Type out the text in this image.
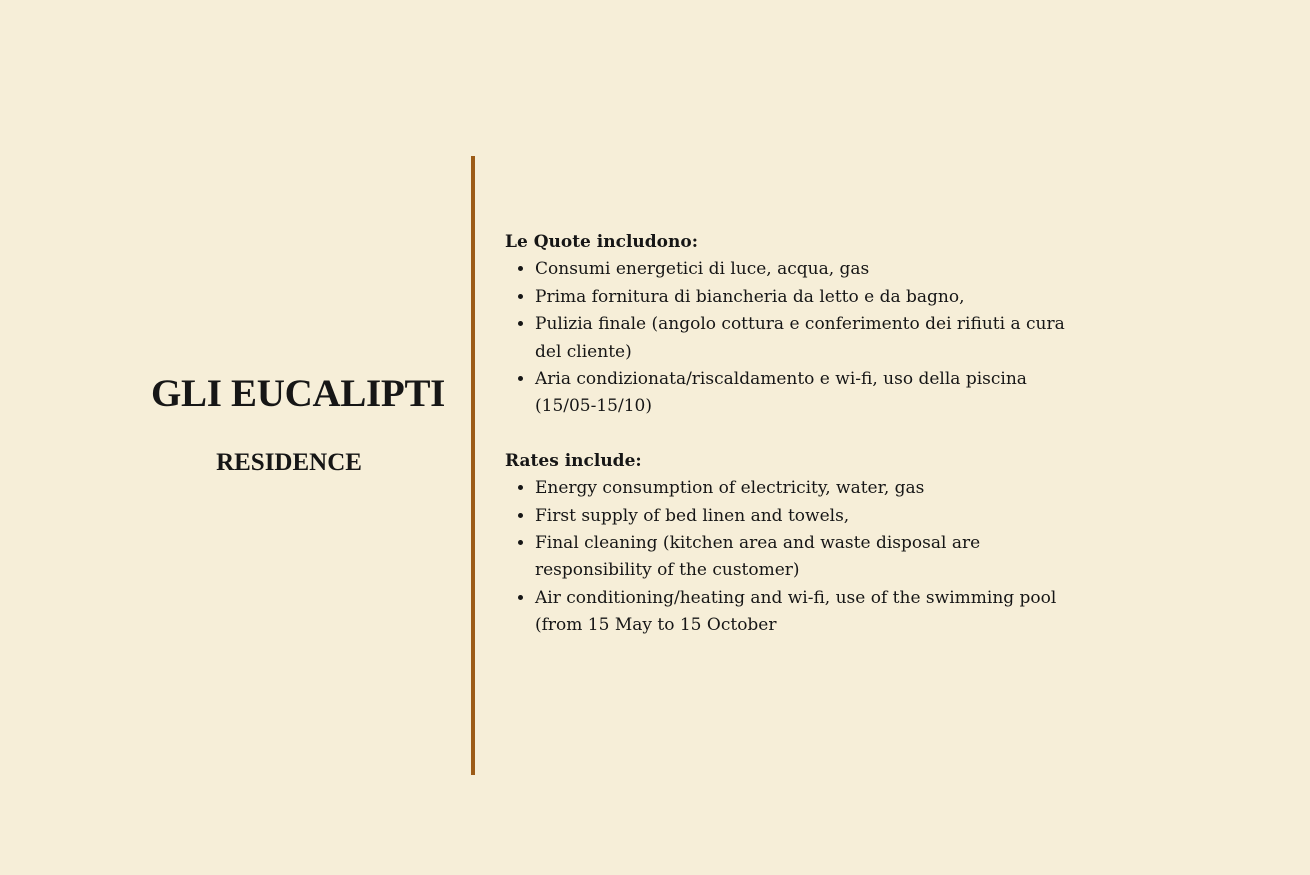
GLI EUCALIPTI
RESIDENCE
Le Quote includono:
• Consumi energetici di luce, acqua, gas
• Prima fornitura di biancheria da letto e da bagno,
• Pulizia finale (angolo cottura e conferimento dei rifiuti a cura del cliente)
• Aria condizionata/riscaldamento e wi-fi, uso della piscina (15/05-15/10)
Rates include:
• Energy consumption of electricity, water, gas
• First supply of bed linen and towels,
• Final cleaning (kitchen area and waste disposal are responsibility of the customer)
• Air conditioning/heating and wi-fi, use of the swimming pool (from 15 May to 15 October
